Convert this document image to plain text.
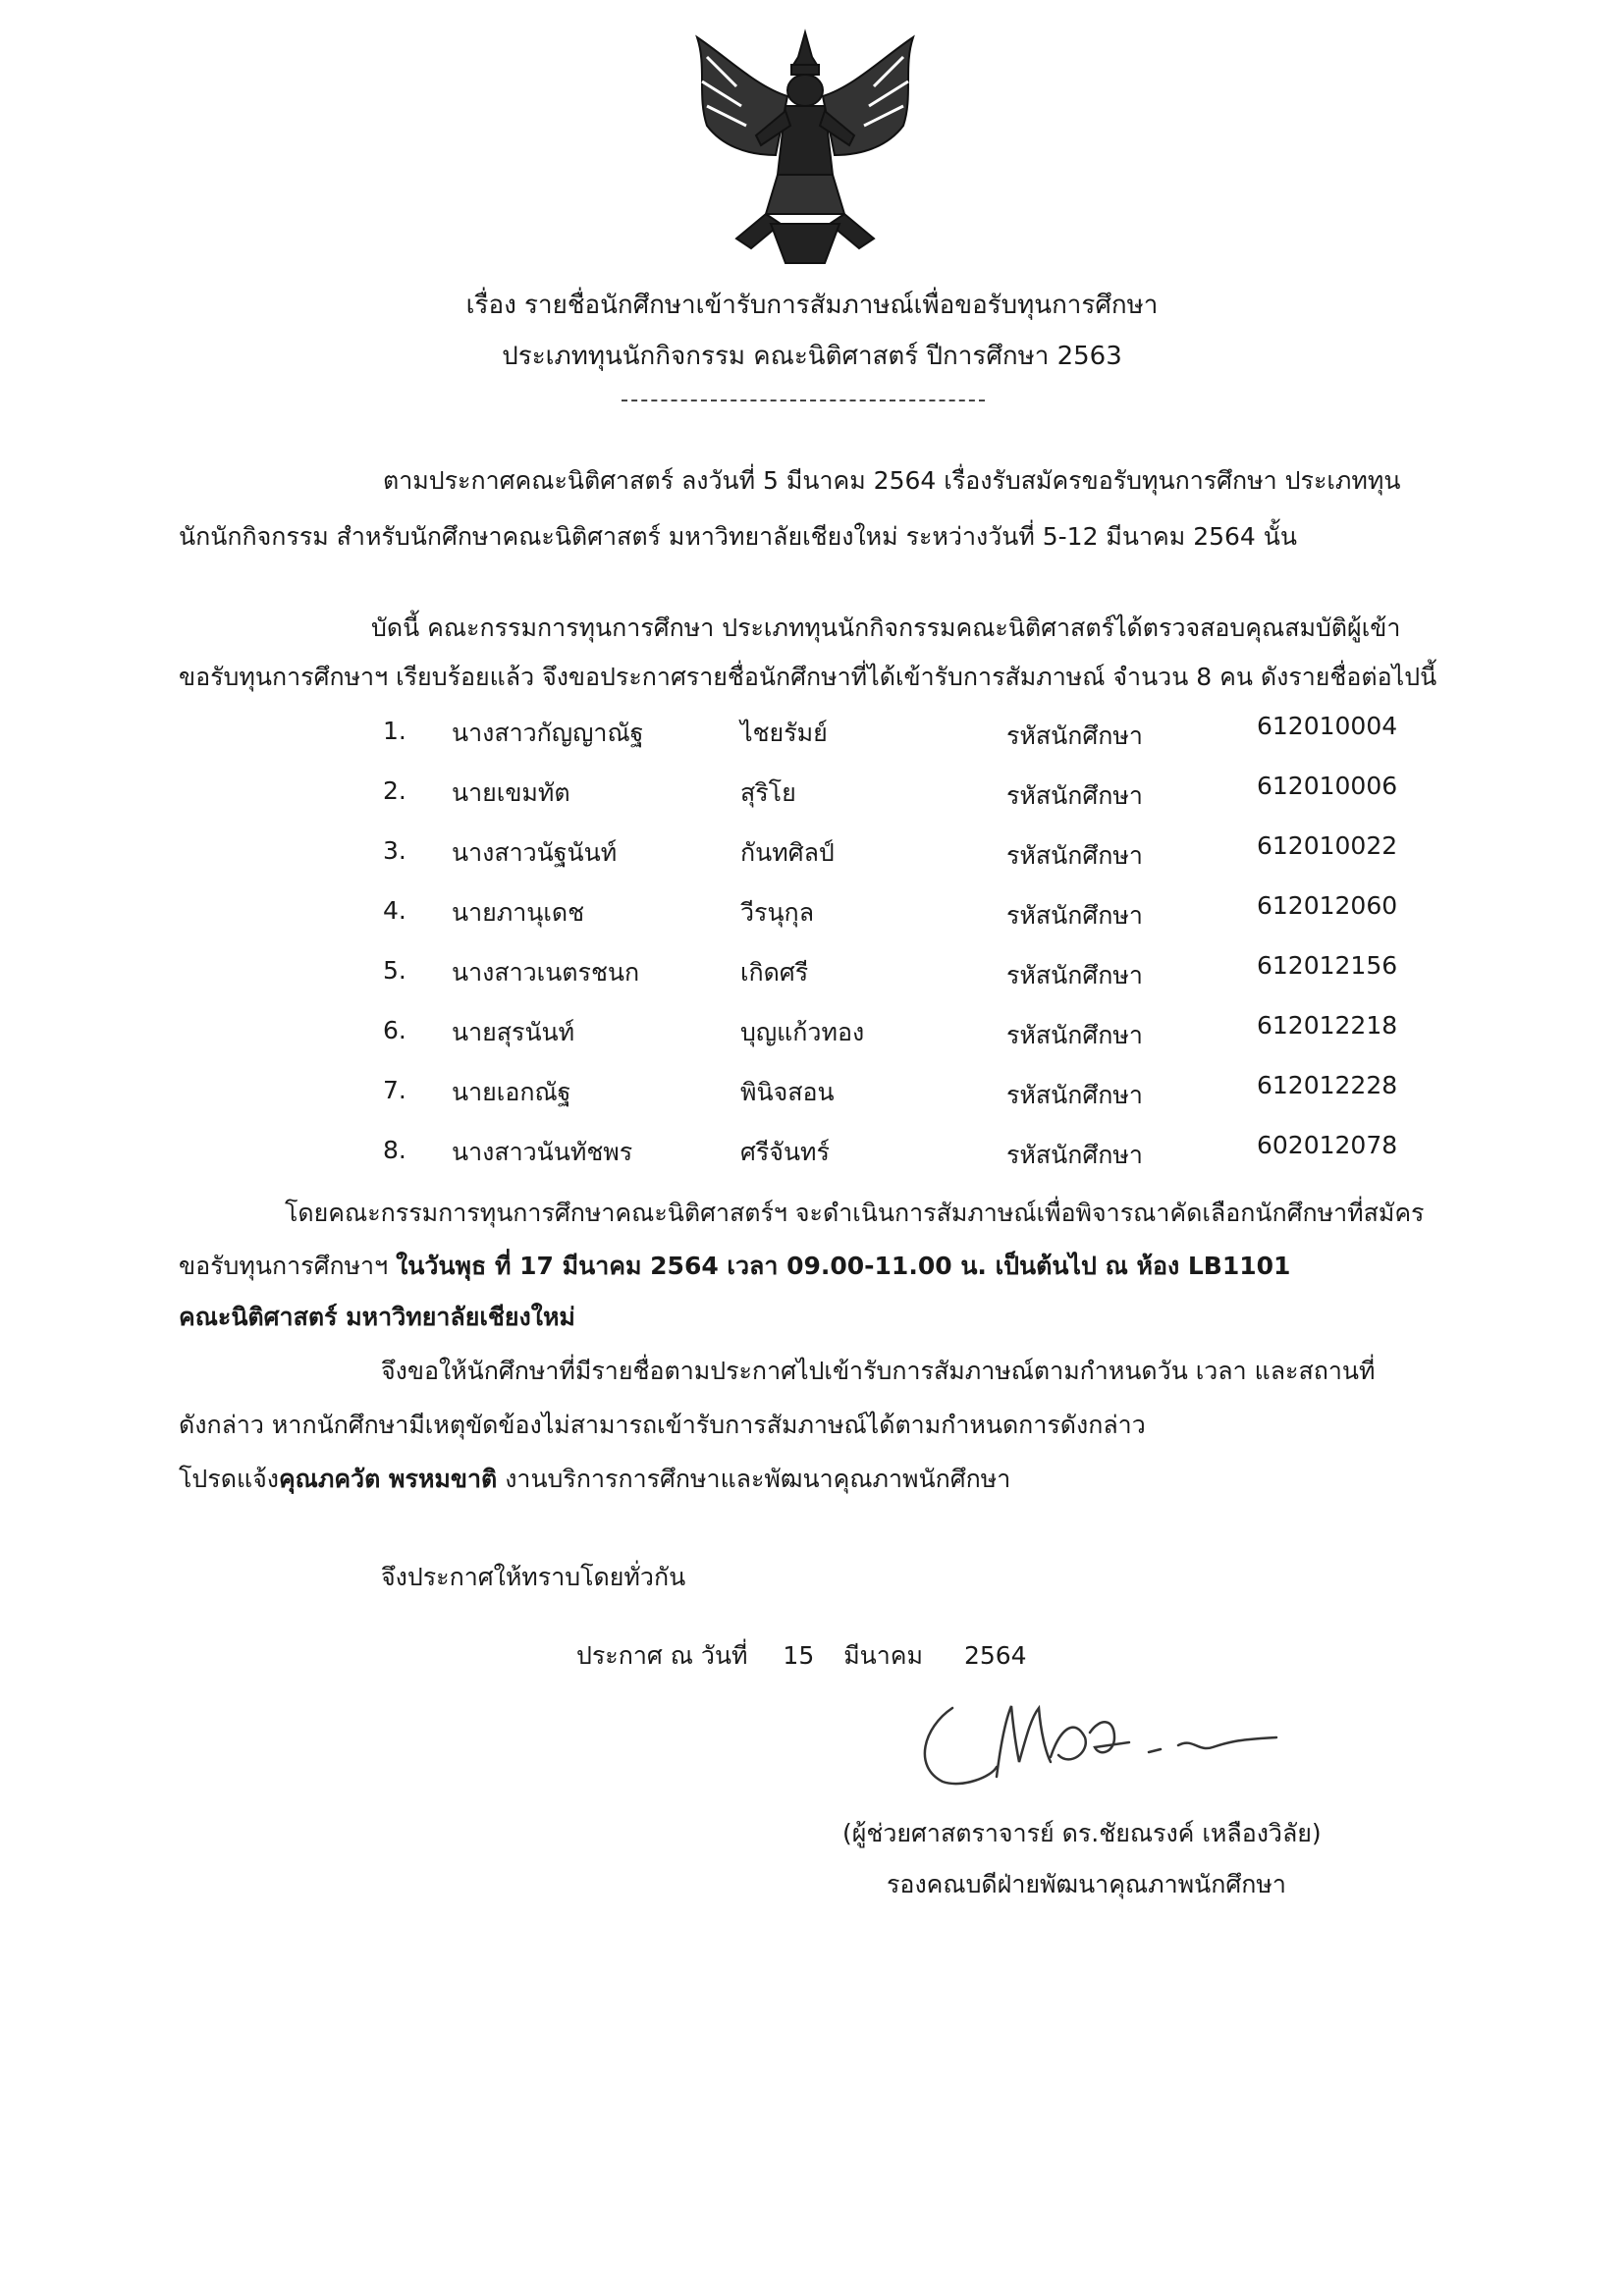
เรื่อง รายชื่อนักศึกษาเข้ารับการสัมภาษณ์เพื่อขอรับทุนการศึกษา
ประเภททุนนักกิจกรรม คณะนิติศาสตร์ ปีการศึกษา 2563
ตามประกาศคณะนิติศาสตร์ ลงวันที่ 5 มีนาคม 2564 เรื่องรับสมัครขอรับทุนการศึกษา ประเภททุน
นักนักกิจกรรม สำหรับนักศึกษาคณะนิติศาสตร์ มหาวิทยาลัยเชียงใหม่ ระหว่างวันที่ 5-12 มีนาคม 2564 นั้น
บัดนี้ คณะกรรมการทุนการศึกษา ประเภททุนนักกิจกรรมคณะนิติศาสตร์ได้ตรวจสอบคุณสมบัติผู้เข้า
ขอรับทุนการศึกษาฯ เรียบร้อยแล้ว จึงขอประกาศรายชื่อนักศึกษาที่ได้เข้ารับการสัมภาษณ์ จำนวน 8 คน ดังรายชื่อต่อไปนี้
1. นางสาวกัญญาณัฐ	ไชยรัมย์	รหัสนักศึกษา	612010004
2. นายเขมทัต	สุริโย	รหัสนักศึกษา	612010006
3. นางสาวนัฐนันท์	กันทศิลป์	รหัสนักศึกษา	612010022
4. นายภานุเดช	วีรนุกุล	รหัสนักศึกษา	612012060
5. นางสาวเนตรชนก	เกิดศรี	รหัสนักศึกษา	612012156
6. นายสุรนันท์	บุญแก้วทอง	รหัสนักศึกษา	612012218
7. นายเอกณัฐ	พินิจสอน	รหัสนักศึกษา	612012228
8. นางสาวนันทัชพร	ศรีจันทร์	รหัสนักศึกษา	602012078
โดยคณะกรรมการทุนการศึกษาคณะนิติศาสตร์ฯ จะดำเนินการสัมภาษณ์เพื่อพิจารณาคัดเลือกนักศึกษาที่สมัคร
ขอรับทุนการศึกษาฯ ในวันพุธ ที่ 17 มีนาคม 2564 เวลา 09.00-11.00 น. เป็นต้นไป ณ ห้อง LB1101
คณะนิติศาสตร์ มหาวิทยาลัยเชียงใหม่
จึงขอให้นักศึกษาที่มีรายชื่อตามประกาศไปเข้ารับการสัมภาษณ์ตามกำหนดวัน เวลา และสถานที่
ดังกล่าว หากนักศึกษามีเหตุขัดข้องไม่สามารถเข้ารับการสัมภาษณ์ได้ตามกำหนดการดังกล่าว
โปรดแจ้งคุณภควัต พรหมขาติ งานบริการการศึกษาและพัฒนาคุณภาพนักศึกษา
จึงประกาศให้ทราบโดยทั่วกัน
ประกาศ ณ วันที่ 15 มีนาคม 2564
(ผู้ช่วยศาสตราจารย์ ดร.ชัยณรงค์ เหลืองวิลัย)
รองคณบดีฝ่ายพัฒนาคุณภาพนักศึกษา
